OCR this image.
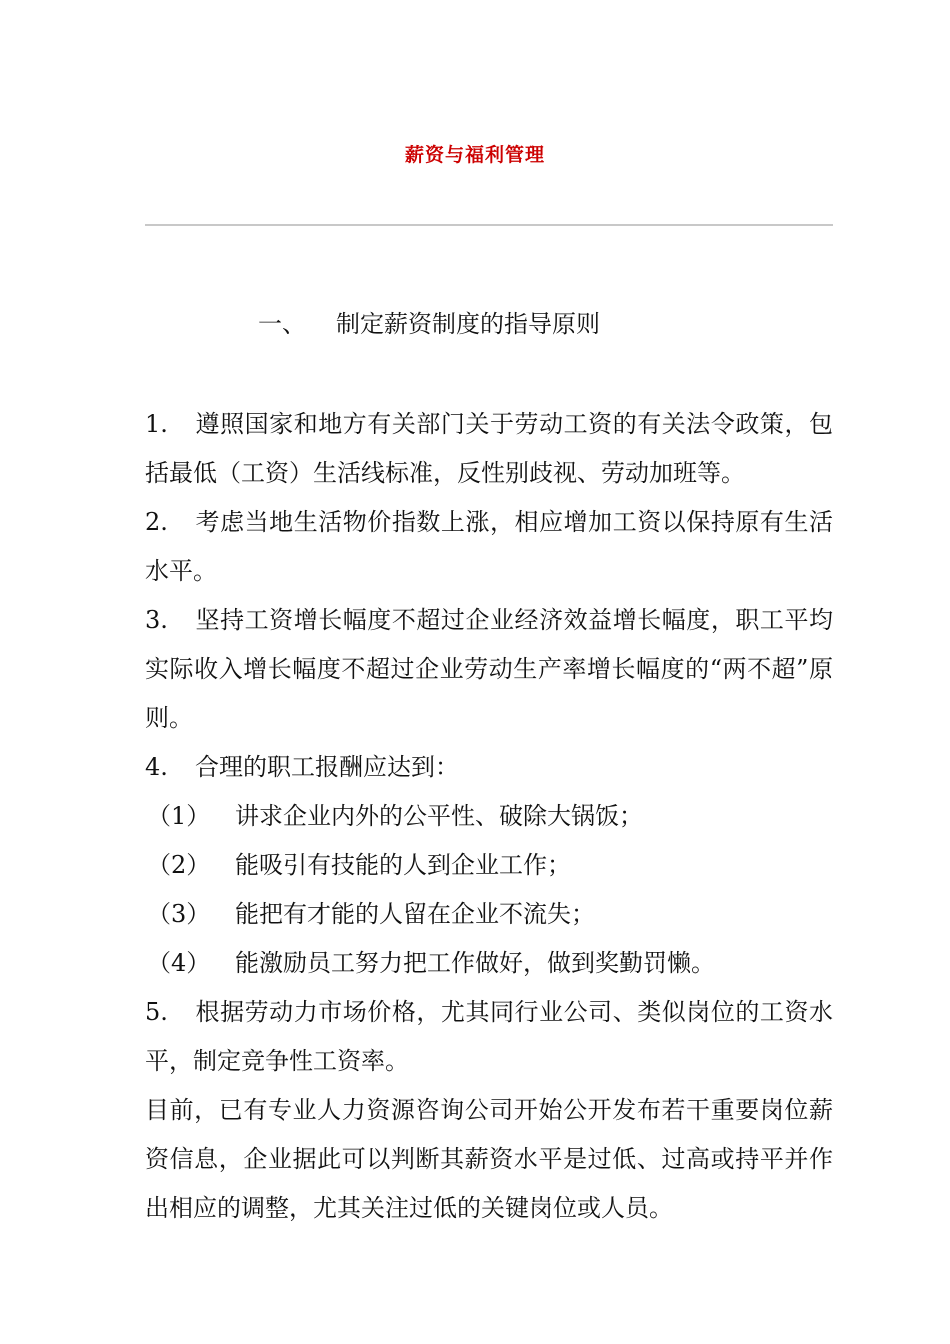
薪资与福利管理
一、 制定薪资制度的指导原则

1. 遵照国家和地方有关部门关于劳动工资的有关法令政策，包括最低（工资）生活线标准，反性别歧视、劳动加班等。

2. 考虑当地生活物价指数上涨，相应增加工资以保持原有生活水平。

3. 坚持工资增长幅度不超过企业经济效益增长幅度，职工平均实际收入增长幅度不超过企业劳动生产率增长幅度的“两不超”原则。

4. 合理的职工报酬应达到：

（1） 讲求企业内外的公平性、破除大锅饭；

（2） 能吸引有技能的人到企业工作；

（3） 能把有才能的人留在企业不流失；

（4） 能激励员工努力把工作做好，做到奖勤罚懒。

5. 根据劳动力市场价格，尤其同行业公司、类似岗位的工资水平，制定竞争性工资率。

目前，已有专业人力资源咨询公司开始公开发布若干重要岗位薪资信息，企业据此可以判断其薪资水平是过低、过高或持平并作出相应的调整，尤其关注过低的关键岗位或人员。
